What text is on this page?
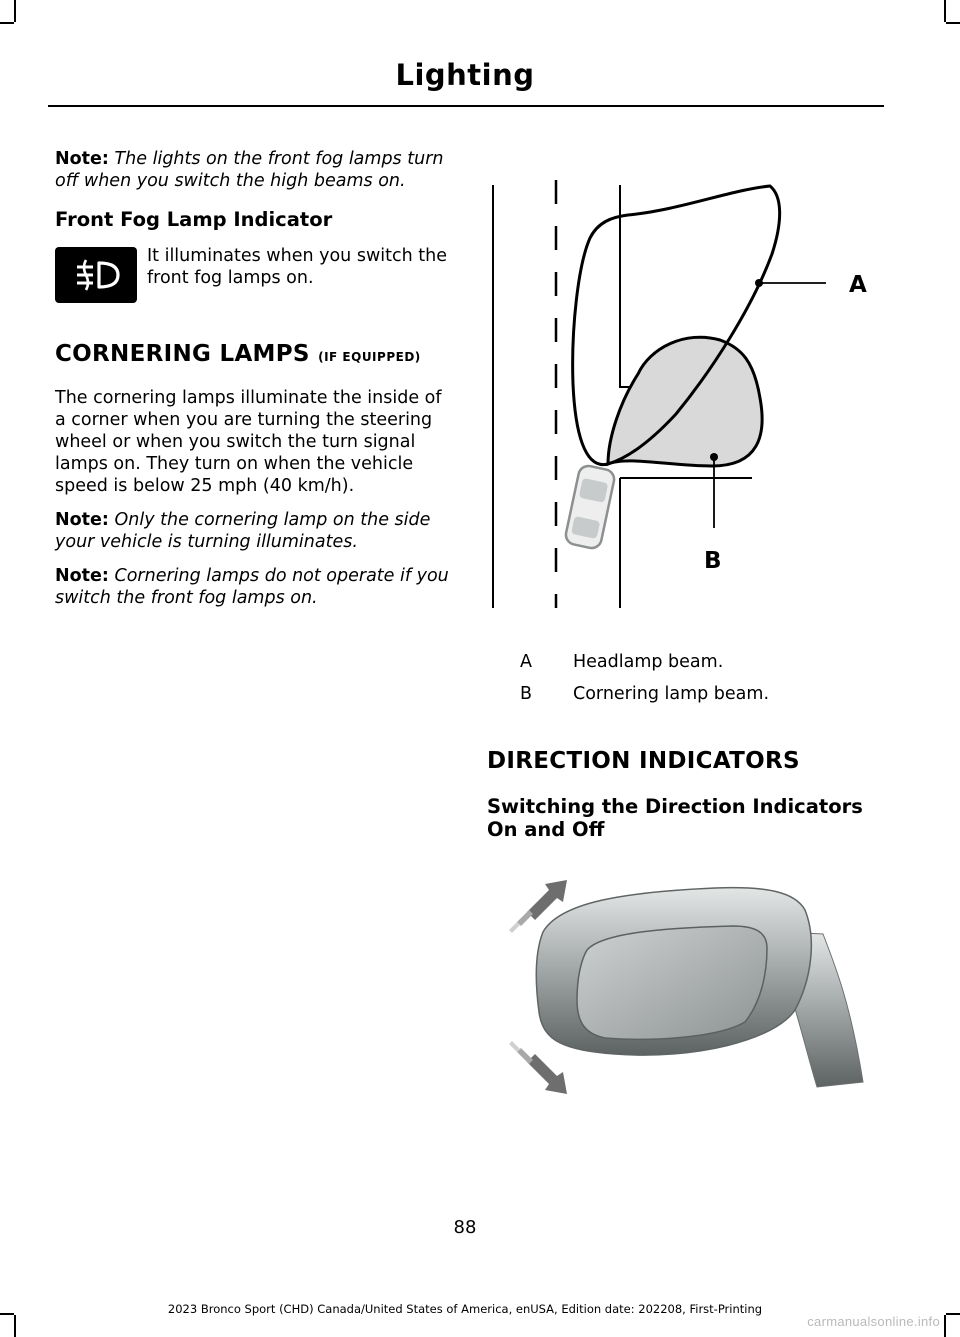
Lighting

Note: The lights on the front fog lamps turn off when you switch the high beams on.

Front Fog Lamp Indicator
It illuminates when you switch the front fog lamps on.
CORNERING LAMPS (IF EQUIPPED)

The cornering lamps illuminate the inside of a corner when you are turning the steering wheel or when you switch the turn signal lamps on. They turn on when the vehicle speed is below 25 mph (40 km/h).

Note: Only the cornering lamp on the side your vehicle is turning illuminates.

Note: Cornering lamps do not operate if you switch the front fog lamps on.

A
B
A Headlamp beam.
B Cornering lamp beam.
DIRECTION INDICATORS
Switching the Direction Indicators On and Off
88
2023 Bronco Sport (CHD) Canada/United States of America, enUSA, Edition date: 202208, First-Printing
carmanualsonline.info
